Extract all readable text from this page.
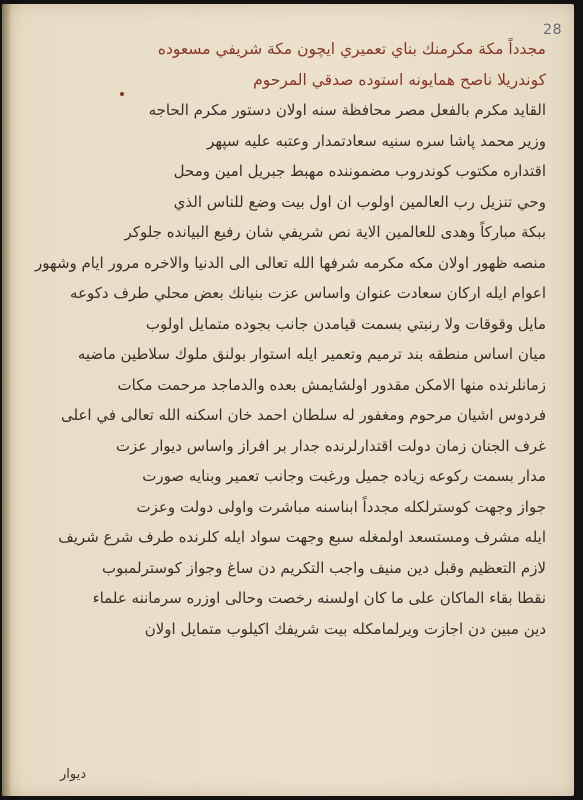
28
مجدداً مكة مكرمنك بناي تعميري ايچون مكة شريفي مسعوده
كوندريلا ناصح همايونه استوده صدقي المرحوم
القايد مكرم بالفعل مصر محافظة سنه اولان دستور مكرم الحاجه
وزير محمد پاشا سره سنيه سعادتمدار وعتبه عليه سپهر
اقتداره مكتوب كوندروب مضموننده مهبط جبريل امين ومحل
وحي تنزيل رب العالمين اولوب ان اول بيت وضع للناس الذي
ببكة مباركاً وهدى للعالمين الاية نص شريفي شان رفيع البيانده جلوكر
منصه ظهور اولان مكه مكرمه شرفها الله تعالى الى الدنيا والاخره مرور ايام وشهور
اعوام ايله اركان سعادت عنوان واساس عزت بنيانك بعض محلي طرف دكوعه
مايل وقوقات ولا رنبتي بسمت قيامدن جانب بجوده متمايل اولوب
ميان اساس منطقه بند ترميم وتعمير ايله استوار بولنق ملوك سلاطين ماضيه
زمانلرنده منها الامكن مقدور اولشايمش بعده والدماجد مرحمت مكات
فردوس اشيان مرحوم ومغفور له سلطان احمد خان اسكنه الله تعالى في اعلى
غرف الجنان زمان دولت اقتدارلرنده جدار بر افراز واساس ديوار عزت
مدار بسمت ركوعه زياده جميل ورغبت وجانب تعمير وبنايه صورت
جواز وجهت كوسترلكله مجدداً ابناسنه مباشرت واولى دولت وعزت
ايله مشرف ومستسعد اولمغله سبع وجهت سواد ايله كلرنده طرف شرع شريف
لازم التعظيم وقبل دين منيف واجب التكريم دن ساغ وجواز كوسترلمبوب
نقطا بقاء الماكان على ما كان اولسنه رخصت وحالى اوزره سرماننه علماء
دين مبين دن اجازت ويرلمامكله بيت شريفك اكيلوب متمايل اولان
ديوار
